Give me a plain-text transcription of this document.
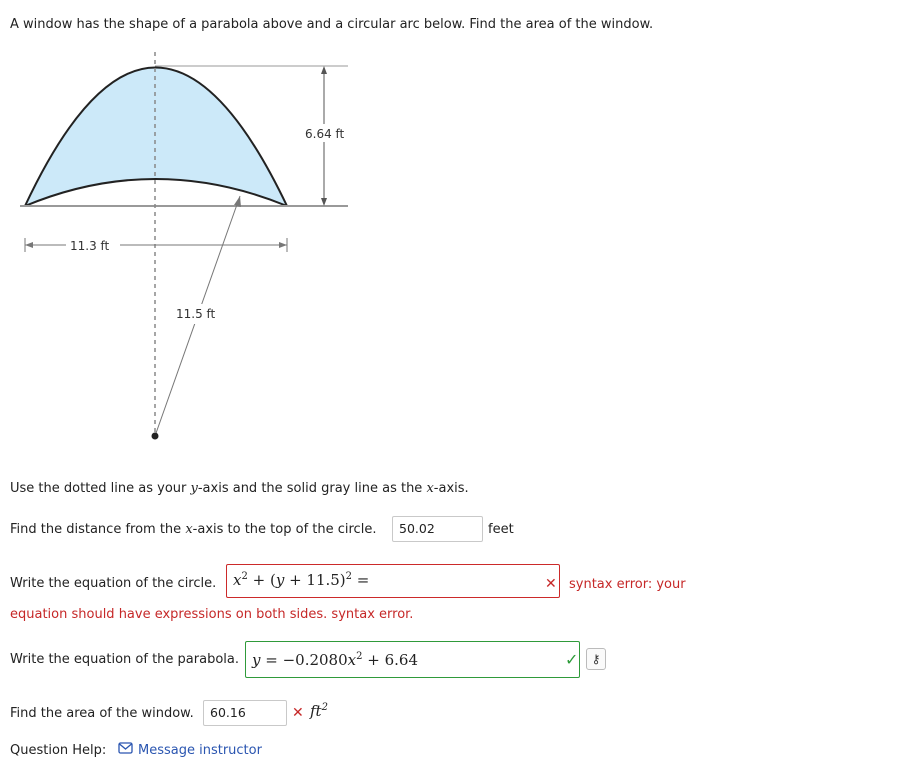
A window has the shape of a parabola above and a circular arc below. Find the area of the window.
6.64 ft
11.3 ft
11.5 ft
Use the dotted line as your y-axis and the solid gray line as the x-axis.
Find the distance from the x-axis to the top of the circle.	50.02	feet
Write the equation of the circle.	$x^2 + (y + 11.5)^2$ =	✕ syntax error: your
equation should have expressions on both sides. syntax error.
Write the equation of the parabola. $y = -0.2080x^2 + 6.64$	✓	⚷
Find the area of the window.	60.16	✕ $ft^2$
Question Help: Message instructor
